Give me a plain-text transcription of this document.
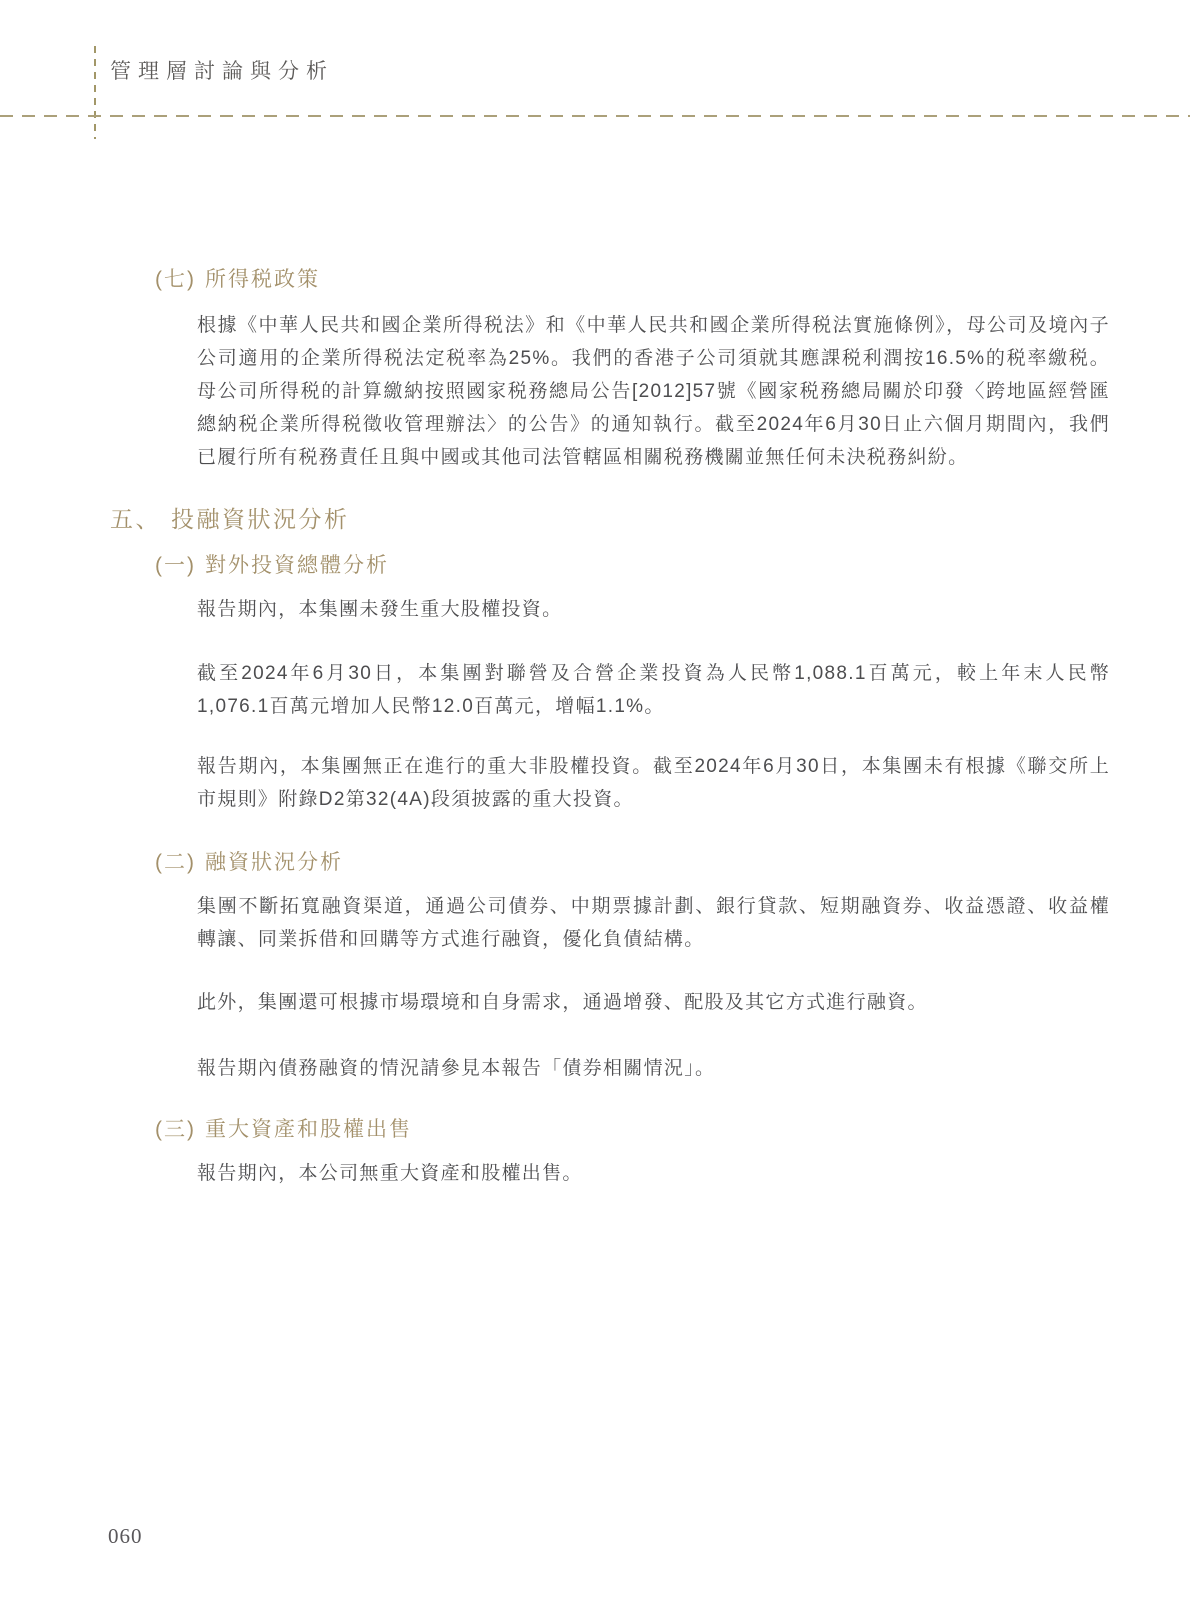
管理層討論與分析
(七) 所得税政策
根據《中華人民共和國企業所得税法》和《中華人民共和國企業所得税法實施條例》，母公司及境內子公司適用的企業所得税法定税率為25%。我們的香港子公司須就其應課税利潤按16.5%的税率繳税。母公司所得税的計算繳納按照國家税務總局公告[2012]57號《國家税務總局關於印發〈跨地區經營匯總納税企業所得税徵收管理辦法〉的公告》的通知執行。截至2024年6月30日止六個月期間內，我們已履行所有税務責任且與中國或其他司法管轄區相關税務機關並無任何未決税務糾紛。
五、 投融資狀況分析
(一) 對外投資總體分析
報告期內，本集團未發生重大股權投資。
截至2024年6月30日，本集團對聯營及合營企業投資為人民幣1,088.1百萬元，較上年末人民幣1,076.1百萬元增加人民幣12.0百萬元，增幅1.1%。
報告期內，本集團無正在進行的重大非股權投資。截至2024年6月30日，本集團未有根據《聯交所上市規則》附錄D2第32(4A)段須披露的重大投資。
(二) 融資狀況分析
集團不斷拓寬融資渠道，通過公司債券、中期票據計劃、銀行貸款、短期融資券、收益憑證、收益權轉讓、同業拆借和回購等方式進行融資，優化負債結構。
此外，集團還可根據市場環境和自身需求，通過增發、配股及其它方式進行融資。
報告期內債務融資的情況請參見本報告「債券相關情況」。
(三) 重大資產和股權出售
報告期內，本公司無重大資產和股權出售。
060
